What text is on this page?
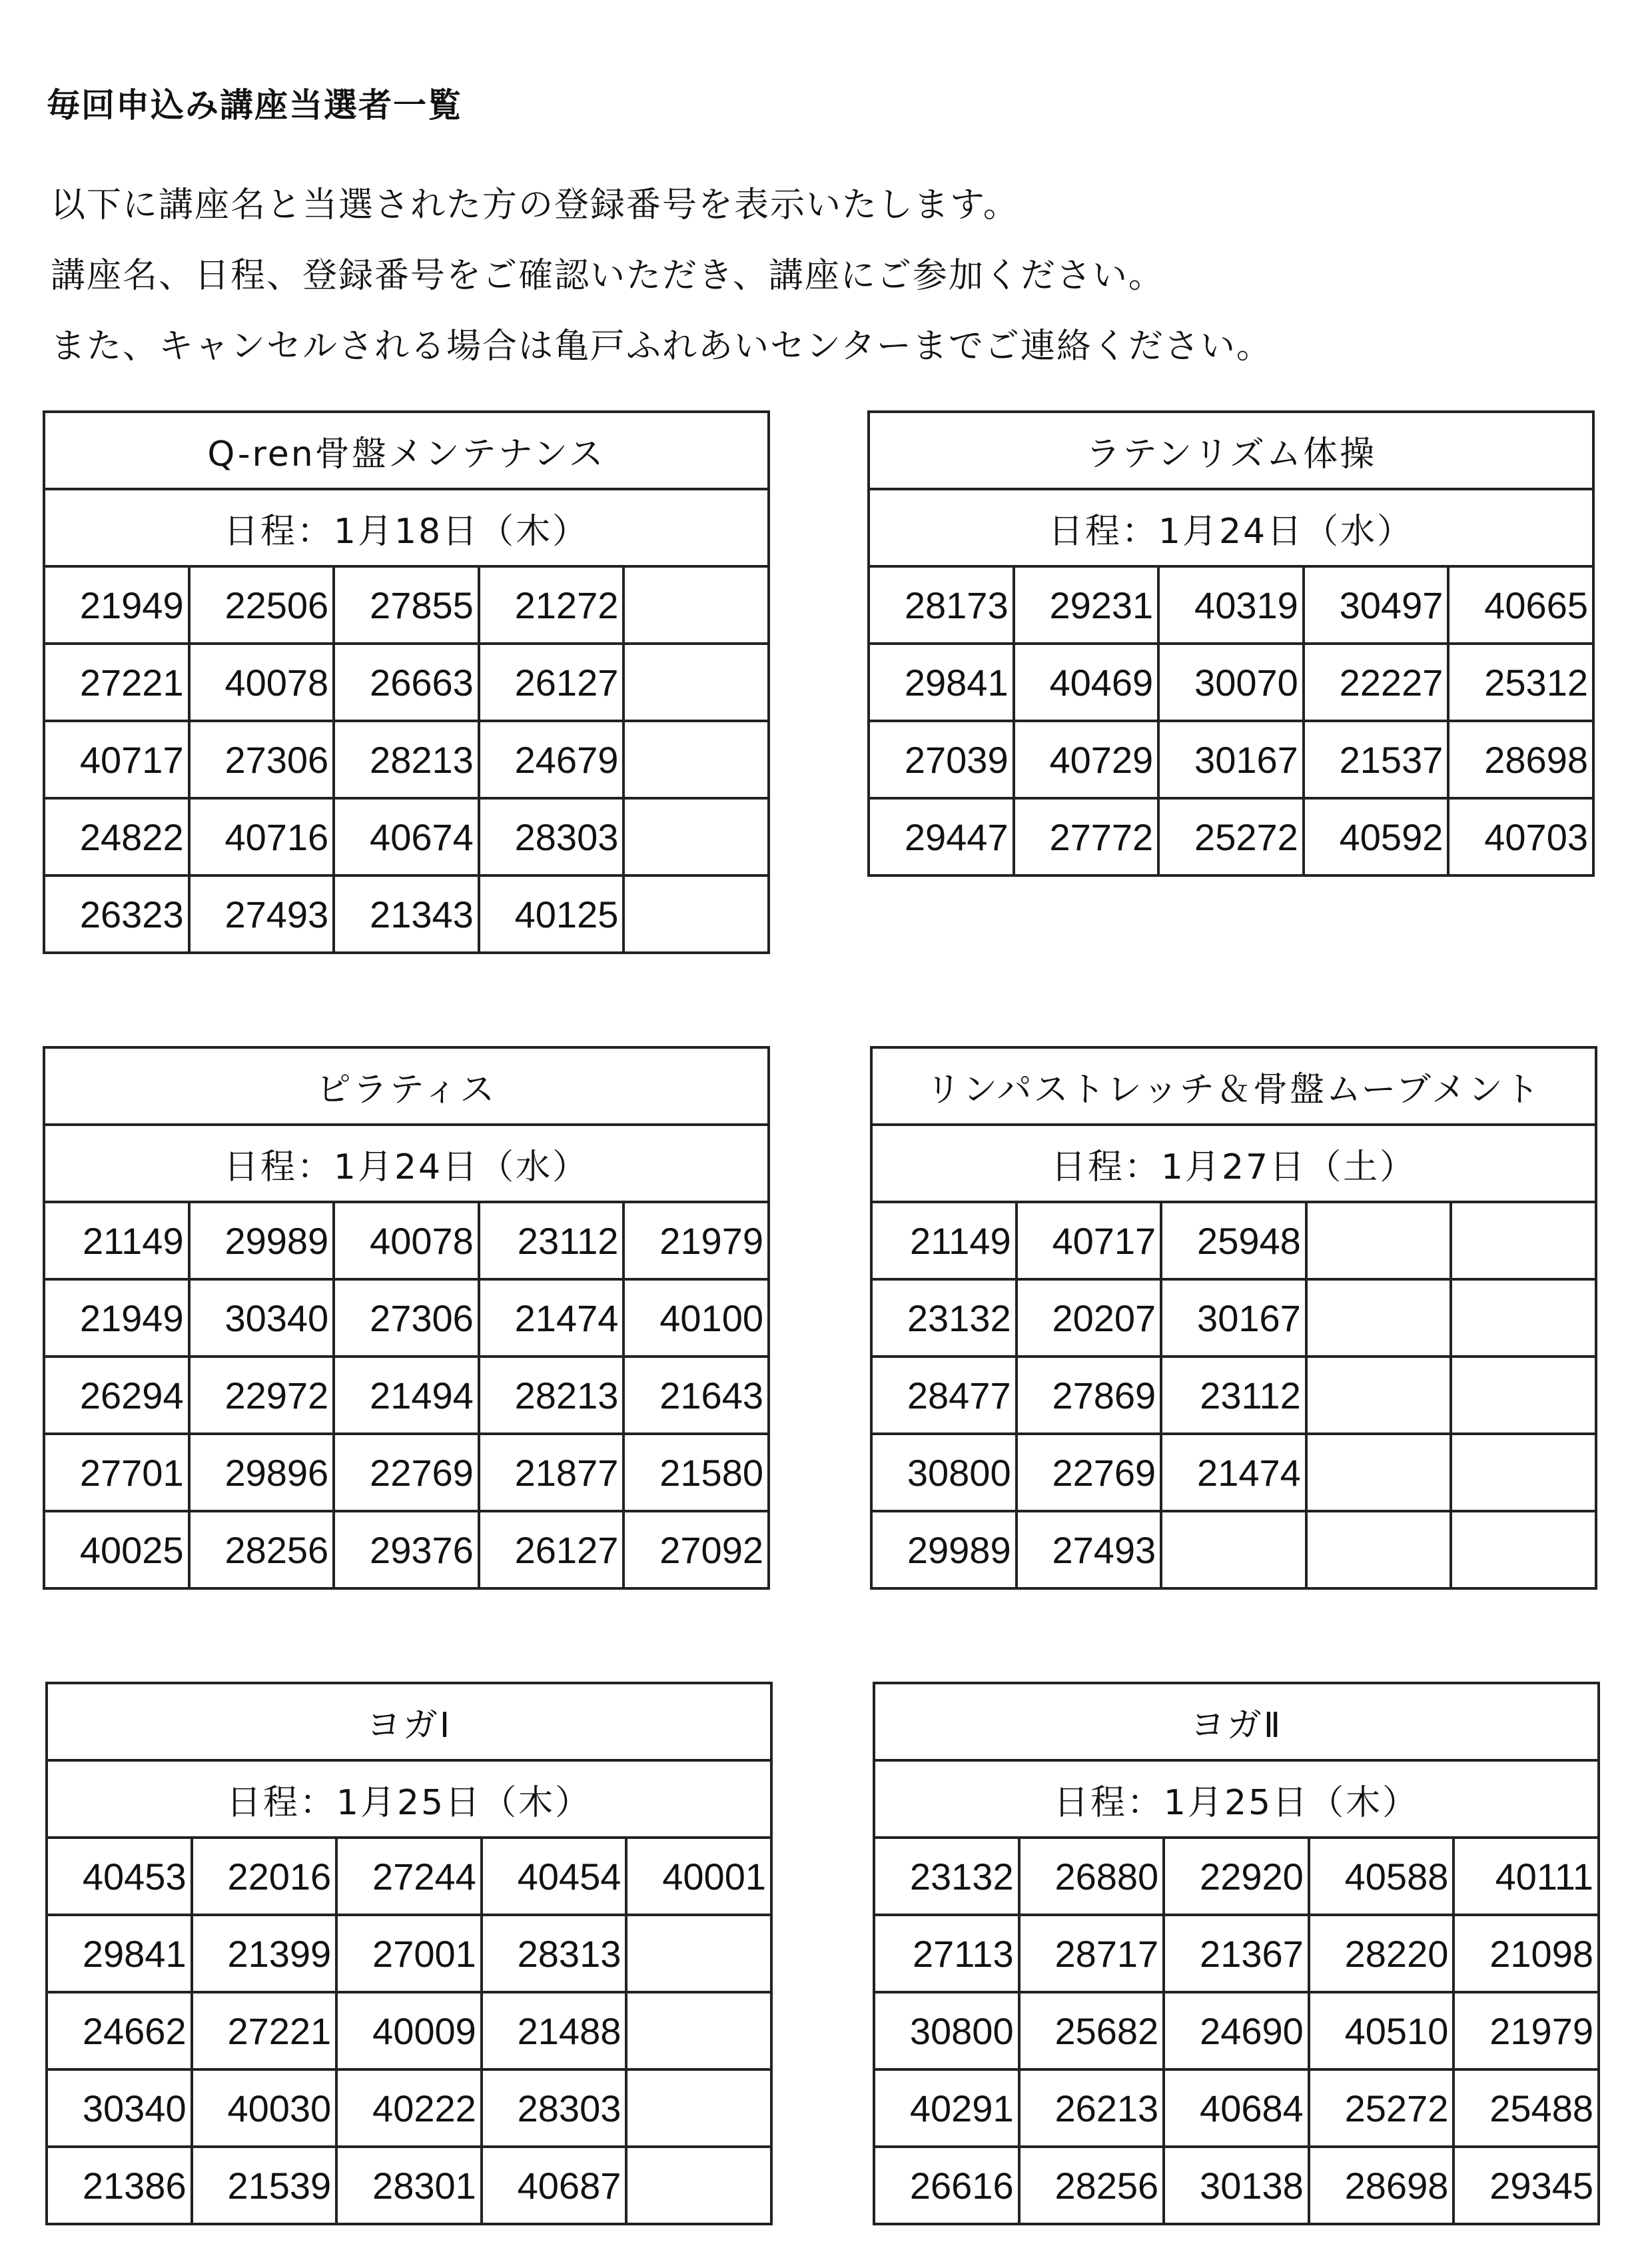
毎回申込み講座当選者一覧
以下に講座名と当選された方の登録番号を表示いたします。
講座名、日程、登録番号をご確認いただき、講座にご参加ください。
また、キャンセルされる場合は亀戸ふれあいセンターまでご連絡ください。
Q-ren骨盤メンテナンス				
日程：1月18日（木）				
21949	22506	27855	21272	
27221	40078	26663	26127	
40717	27306	28213	24679	
24822	40716	40674	28303	
26323	27493	21343	40125	
ラテンリズム体操				
日程：1月24日（水）				
28173	29231	40319	30497	40665
29841	40469	30070	22227	25312
27039	40729	30167	21537	28698
29447	27772	25272	40592	40703
ピラティス				
日程：1月24日（水）				
21149	29989	40078	23112	21979
21949	30340	27306	21474	40100
26294	22972	21494	28213	21643
27701	29896	22769	21877	21580
40025	28256	29376	26127	27092
リンパストレッチ＆骨盤ムーブメント				
日程：1月27日（土）				
21149	40717	25948		
23132	20207	30167		
28477	27869	23112		
30800	22769	21474		
29989	27493			
ヨガⅠ				
日程：1月25日（木）				
40453	22016	27244	40454	40001
29841	21399	27001	28313	
24662	27221	40009	21488	
30340	40030	40222	28303	
21386	21539	28301	40687	
ヨガⅡ				
日程：1月25日（木）				
23132	26880	22920	40588	40111
27113	28717	21367	28220	21098
30800	25682	24690	40510	21979
40291	26213	40684	25272	25488
26616	28256	30138	28698	29345
